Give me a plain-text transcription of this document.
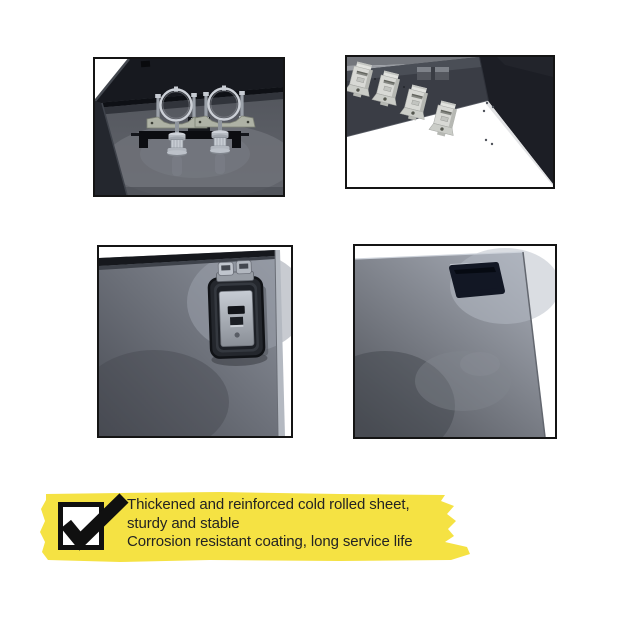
Thickened and reinforced cold rolled sheet,
sturdy and stable
Corrosion resistant coating, long service life
